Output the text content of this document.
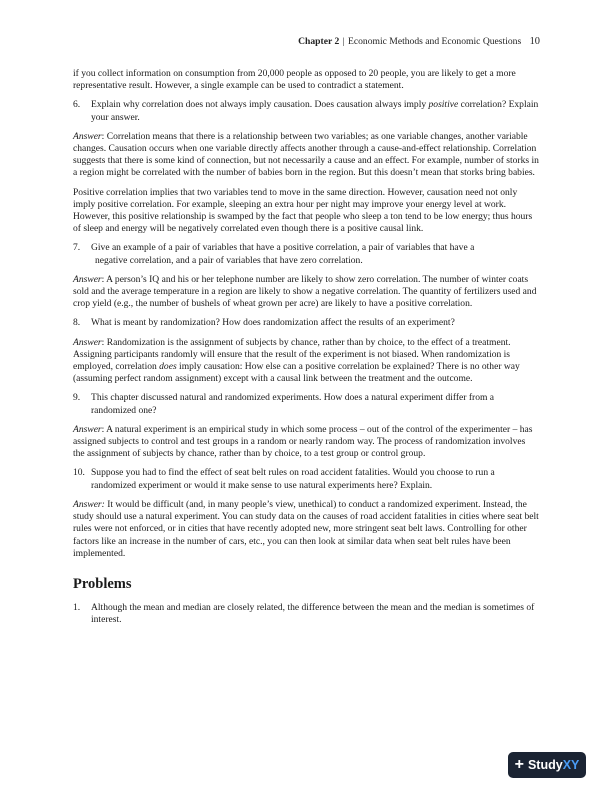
Chapter 2 | Economic Methods and Economic Questions 10

if you collect information on consumption from 20,000 people as opposed to 20 people, you are likely to get a more representative result. However, a single example can be used to contradict a statement.

6.	Explain why correlation does not always imply causation. Does causation always imply positive correlation? Explain your answer.

Answer: Correlation means that there is a relationship between two variables; as one variable changes, another variable changes. Causation occurs when one variable directly affects another through a cause-and-effect relationship. Correlation suggests that there is some kind of connection, but not necessarily a cause and an effect. For example, number of storks in a region might be correlated with the number of babies born in the region. But this doesn’t mean that storks bring babies.

Positive correlation implies that two variables tend to move in the same direction. However, causation need not only imply positive correlation. For example, sleeping an extra hour per night may improve your energy level at work. However, this positive relationship is swamped by the fact that people who sleep a ton tend to be low energy; thus hours of sleep and energy will be negatively correlated even though there is a positive causal link.

7.	Give an example of a pair of variables that have a positive correlation, a pair of variables that have a
negative correlation, and a pair of variables that have zero correlation.

Answer: A person’s IQ and his or her telephone number are likely to show zero correlation. The number of winter coats sold and the average temperature in a region are likely to show a negative correlation. The quantity of fertilizers used and crop yield (e.g., the number of bushels of wheat grown per acre) are likely to have a positive correlation.

8.	What is meant by randomization? How does randomization affect the results of an experiment?

Answer: Randomization is the assignment of subjects by chance, rather than by choice, to the effect of a treatment. Assigning participants randomly will ensure that the result of the experiment is not biased. When randomization is employed, correlation does imply causation: How else can a positive correlation be explained? There is no other way (assuming perfect random assignment) except with a causal link between the treatment and the outcome.

9.	This chapter discussed natural and randomized experiments. How does a natural experiment differ from a randomized one?

Answer: A natural experiment is an empirical study in which some process – out of the control of the experimenter – has assigned subjects to control and test groups in a random or nearly random way. The process of randomization involves the assignment of subjects by chance, rather than by choice, to a test group or control group.

10. Suppose you had to find the effect of seat belt rules on road accident fatalities. Would you choose to run a randomized experiment or would it make sense to use natural experiments here? Explain.

Answer: It would be difficult (and, in many people’s view, unethical) to conduct a randomized experiment. Instead, the study should use a natural experiment. You can study data on the causes of road accident fatalities in cities where seat belt rules were not enforced, or in cities that have recently adopted new, more stringent seat belt laws. Controlling for other factors like an increase in the number of cars, etc., you can then look at similar data when seat belt rules have been implemented.

Problems
1.	Although the mean and median are closely related, the difference between the mean and the median is sometimes of interest.
+ Study XY
